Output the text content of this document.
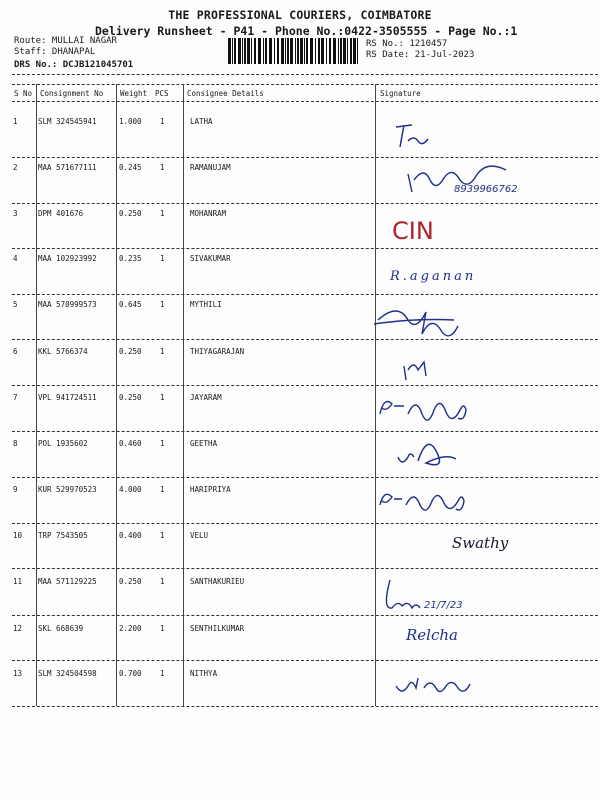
THE PROFESSIONAL COURIERS, COIMBATORE
Delivery Runsheet - P41 - Phone No.:0422-3505555 - Page No.:1
Route: MULLAI NAGAR
Staff: DHANAPAL
DRS No.: DCJB121045701
RS No.: 1210457
RS Date: 21-Jul-2023
S No Consignment No Weight PCS Consignee Details	Signature
1	SLM 324545941	1.000 1	LATHA
2	MAA 571677111	0.245 1	RAMANUJAM
8939966762
3	DPM 401676	0.250 1	MOHANRAM
CIN
4	MAA 102923992	0.235 1	SIVAKUMAR
R.aganan
5	MAA 570999573	0.645 1	MYTHILI
6	KKL 5766374	0.250 1	THIYAGARAJAN
7	VPL 941724511	0.250 1	JAYARAM
8	POL 1935602	0.460 1	GEETHA
9	KUR 529970523	4.000 1	HARIPRIYA
10 TRP 7543505	0.400 1	VELU	Swathy
11 MAA 571129225	0.250 1	SANTHAKURIEU
21/7/23
12 SKL 668639	2.200 1	SENTHILKUMAR	Relcha
13 SLM 324504598	0.700 1	NITHYA
